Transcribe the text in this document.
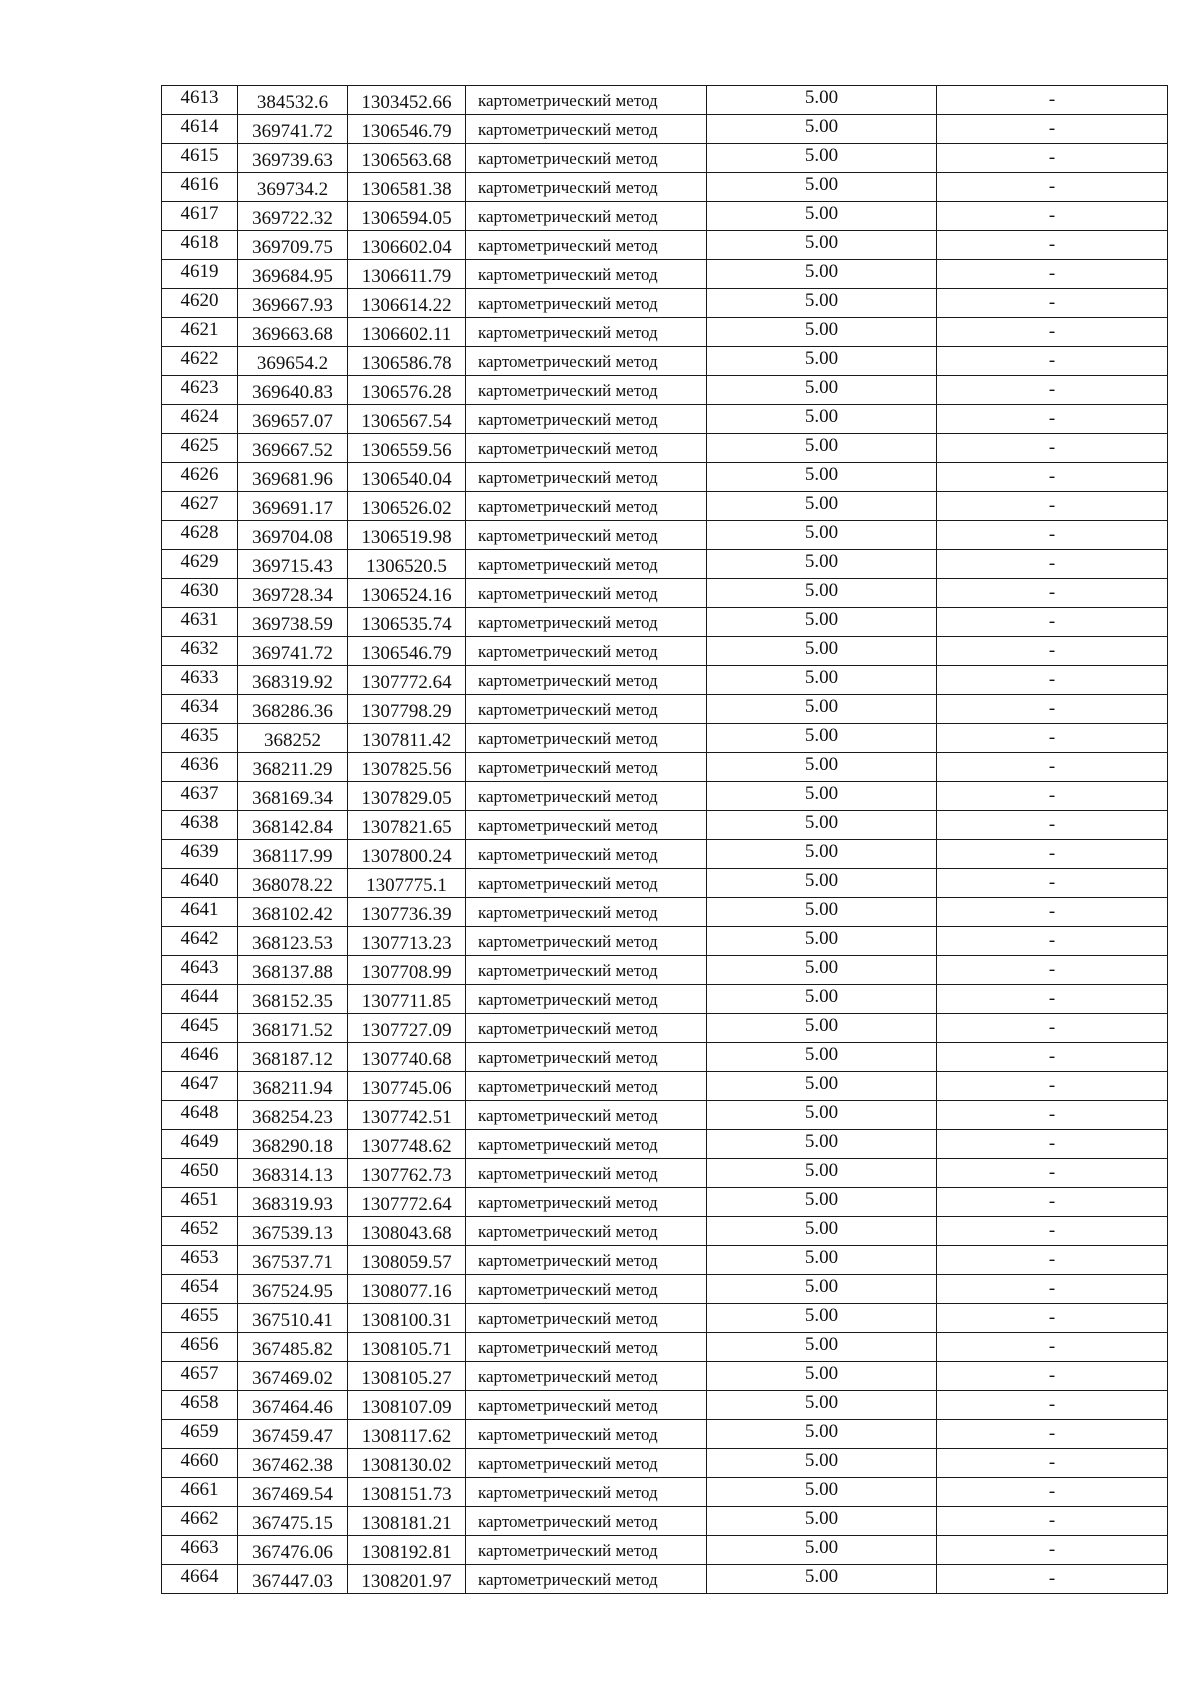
4613	384532.6	1303452.66	картометрический метод	5.00	-

4614	369741.72	1306546.79	картометрический метод	5.00	-

4615	369739.63	1306563.68	картометрический метод	5.00	-

4616	369734.2	1306581.38	картометрический метод	5.00	-

4617	369722.32	1306594.05	картометрический метод	5.00	-

4618	369709.75	1306602.04	картометрический метод	5.00	-

4619	369684.95	1306611.79	картометрический метод	5.00	-

4620	369667.93	1306614.22	картометрический метод	5.00	-

4621	369663.68	1306602.11	картометрический метод	5.00	-

4622	369654.2	1306586.78	картометрический метод	5.00	-

4623	369640.83	1306576.28	картометрический метод	5.00	-

4624	369657.07	1306567.54	картометрический метод	5.00	-

4625	369667.52	1306559.56	картометрический метод	5.00	-

4626	369681.96	1306540.04	картометрический метод	5.00	-

4627	369691.17	1306526.02	картометрический метод	5.00	-

4628	369704.08	1306519.98	картометрический метод	5.00	-

4629	369715.43	1306520.5	картометрический метод	5.00	-

4630	369728.34	1306524.16	картометрический метод	5.00	-

4631	369738.59	1306535.74	картометрический метод	5.00	-

4632	369741.72	1306546.79	картометрический метод	5.00	-

4633	368319.92	1307772.64	картометрический метод	5.00	-

4634	368286.36	1307798.29	картометрический метод	5.00	-

4635	368252	1307811.42	картометрический метод	5.00	-

4636	368211.29	1307825.56	картометрический метод	5.00	-

4637	368169.34	1307829.05	картометрический метод	5.00	-

4638	368142.84	1307821.65	картометрический метод	5.00	-

4639	368117.99	1307800.24	картометрический метод	5.00	-

4640	368078.22	1307775.1	картометрический метод	5.00	-

4641	368102.42	1307736.39	картометрический метод	5.00	-

4642	368123.53	1307713.23	картометрический метод	5.00	-

4643	368137.88	1307708.99	картометрический метод	5.00	-

4644	368152.35	1307711.85	картометрический метод	5.00	-

4645	368171.52	1307727.09	картометрический метод	5.00	-

4646	368187.12	1307740.68	картометрический метод	5.00	-

4647	368211.94	1307745.06	картометрический метод	5.00	-

4648	368254.23	1307742.51	картометрический метод	5.00	-

4649	368290.18	1307748.62	картометрический метод	5.00	-

4650	368314.13	1307762.73	картометрический метод	5.00	-

4651	368319.93	1307772.64	картометрический метод	5.00	-

4652	367539.13	1308043.68	картометрический метод	5.00	-

4653	367537.71	1308059.57	картометрический метод	5.00	-

4654	367524.95	1308077.16	картометрический метод	5.00	-

4655	367510.41	1308100.31	картометрический метод	5.00	-

4656	367485.82	1308105.71	картометрический метод	5.00	-

4657	367469.02	1308105.27	картометрический метод	5.00	-

4658	367464.46	1308107.09	картометрический метод	5.00	-

4659	367459.47	1308117.62	картометрический метод	5.00	-

4660	367462.38	1308130.02	картометрический метод	5.00	-

4661	367469.54	1308151.73	картометрический метод	5.00	-

4662	367475.15	1308181.21	картометрический метод	5.00	-

4663	367476.06	1308192.81	картометрический метод	5.00	-

4664	367447.03	1308201.97	картометрический метод	5.00	-
